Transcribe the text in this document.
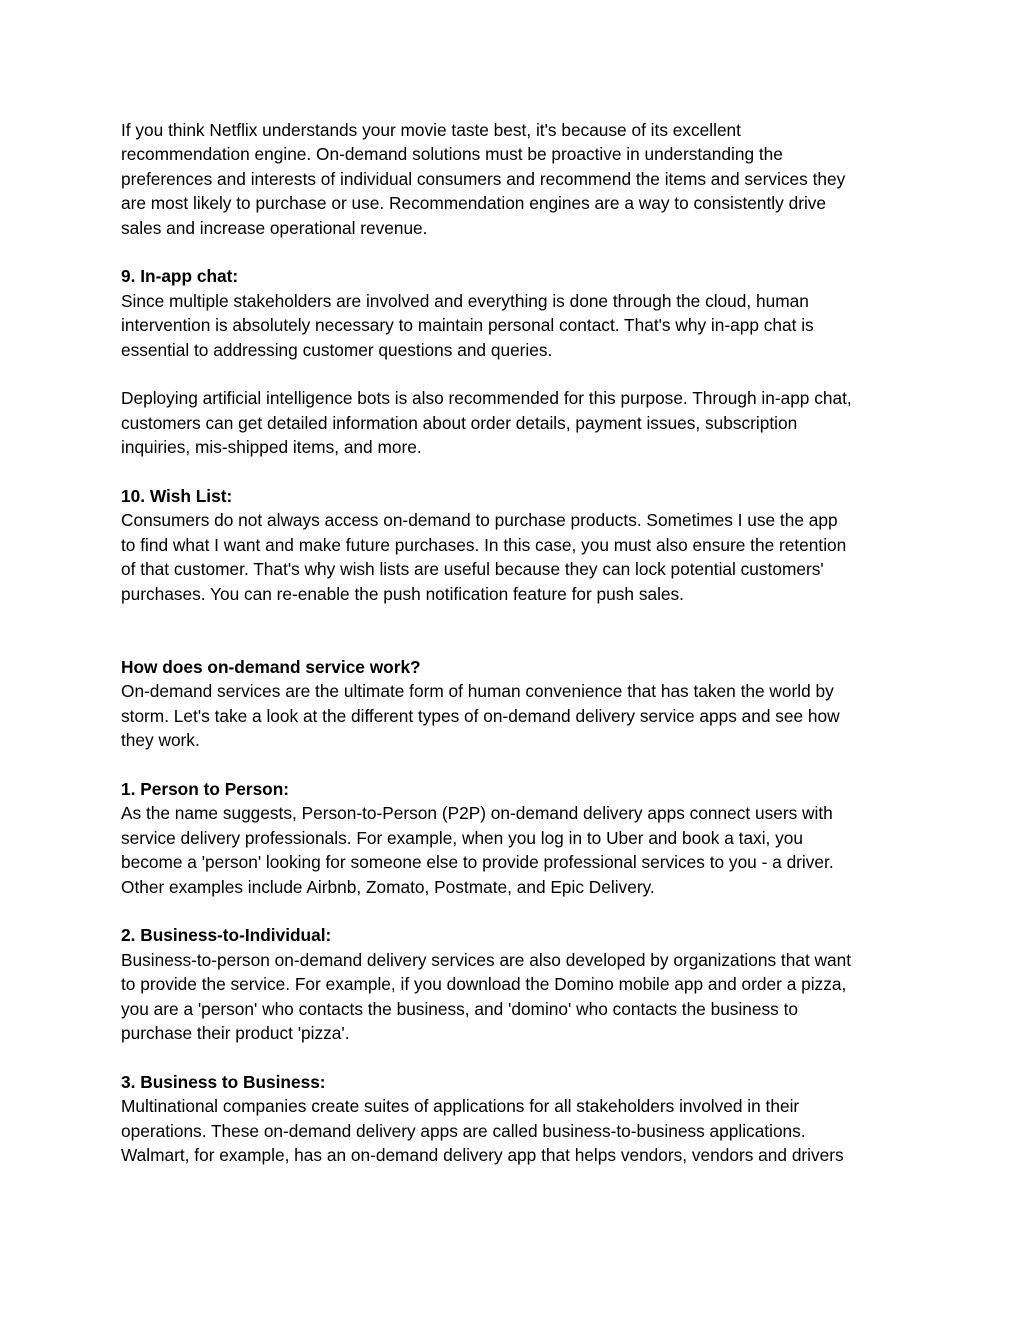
If you think Netflix understands your movie taste best, it's because of its excellent
recommendation engine. On-demand solutions must be proactive in understanding the
preferences and interests of individual consumers and recommend the items and services they
are most likely to purchase or use. Recommendation engines are a way to consistently drive
sales and increase operational revenue.

9. In-app chat:

Since multiple stakeholders are involved and everything is done through the cloud, human
intervention is absolutely necessary to maintain personal contact. That's why in-app chat is
essential to addressing customer questions and queries.

Deploying artificial intelligence bots is also recommended for this purpose. Through in-app chat,
customers can get detailed information about order details, payment issues, subscription
inquiries, mis-shipped items, and more.

10. Wish List:

Consumers do not always access on-demand to purchase products. Sometimes I use the app
to find what I want and make future purchases. In this case, you must also ensure the retention
of that customer. That's why wish lists are useful because they can lock potential customers'
purchases. You can re-enable the push notification feature for push sales.

How does on-demand service work?

On-demand services are the ultimate form of human convenience that has taken the world by
storm. Let's take a look at the different types of on-demand delivery service apps and see how
they work.

1. Person to Person:

As the name suggests, Person-to-Person (P2P) on-demand delivery apps connect users with
service delivery professionals. For example, when you log in to Uber and book a taxi, you
become a 'person' looking for someone else to provide professional services to you - a driver.
Other examples include Airbnb, Zomato, Postmate, and Epic Delivery.

2. Business-to-Individual:

Business-to-person on-demand delivery services are also developed by organizations that want
to provide the service. For example, if you download the Domino mobile app and order a pizza,
you are a 'person' who contacts the business, and 'domino' who contacts the business to
purchase their product 'pizza'.

3. Business to Business:

Multinational companies create suites of applications for all stakeholders involved in their
operations. These on-demand delivery apps are called business-to-business applications.
Walmart, for example, has an on-demand delivery app that helps vendors, vendors and drivers
